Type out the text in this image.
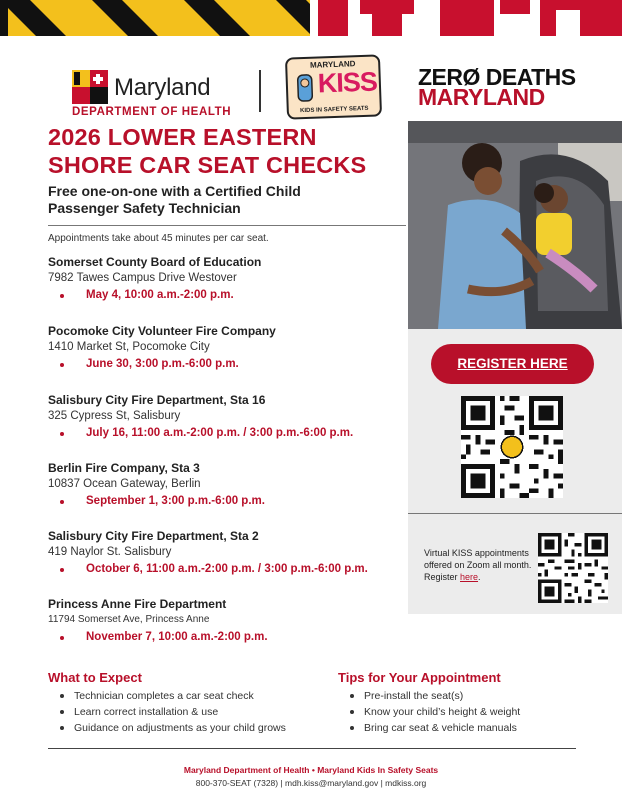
Maryland
DEPARTMENT OF HEALTH
MARYLAND
KISS
KIDS IN SAFETY SEATS
ZERØ DEATHS
MARYLAND
2026 LOWER EASTERN
SHORE CAR SEAT CHECKS
Free one-on-one with a Certified Child
Passenger Safety Technician
Appointments take about 45 minutes per car seat.
Somerset County Board of Education
7982 Tawes Campus Drive Westover
May 4, 10:00 a.m.-2:00 p.m.
Pocomoke City Volunteer Fire Company
1410 Market St, Pocomoke City
June 30, 3:00 p.m.-6:00 p.m.
Salisbury City Fire Department, Sta 16
325 Cypress St, Salisbury
July 16, 11:00 a.m.-2:00 p.m. / 3:00 p.m.-6:00 p.m.
Berlin Fire Company, Sta 3
10837 Ocean Gateway, Berlin
September 1, 3:00 p.m.-6:00 p.m.
Salisbury City Fire Department, Sta 2
419 Naylor St. Salisbury
October 6, 11:00 a.m.-2:00 p.m. / 3:00 p.m.-6:00 p.m.
Princess Anne Fire Department
11794 Somerset Ave, Princess Anne
November 7, 10:00 a.m.-2:00 p.m.
REGISTER HERE
Virtual KISS appointments offered on Zoom all month. Register here.
What to Expect
Technician completes a car seat check
Learn correct installation & use
Guidance on adjustments as your child grows
Tips for Your Appointment
Pre-install the seat(s)
Know your child’s height & weight
Bring car seat & vehicle manuals
Maryland Department of Health • Maryland Kids In Safety Seats
800-370-SEAT (7328) | mdh.kiss@maryland.gov | mdkiss.org
